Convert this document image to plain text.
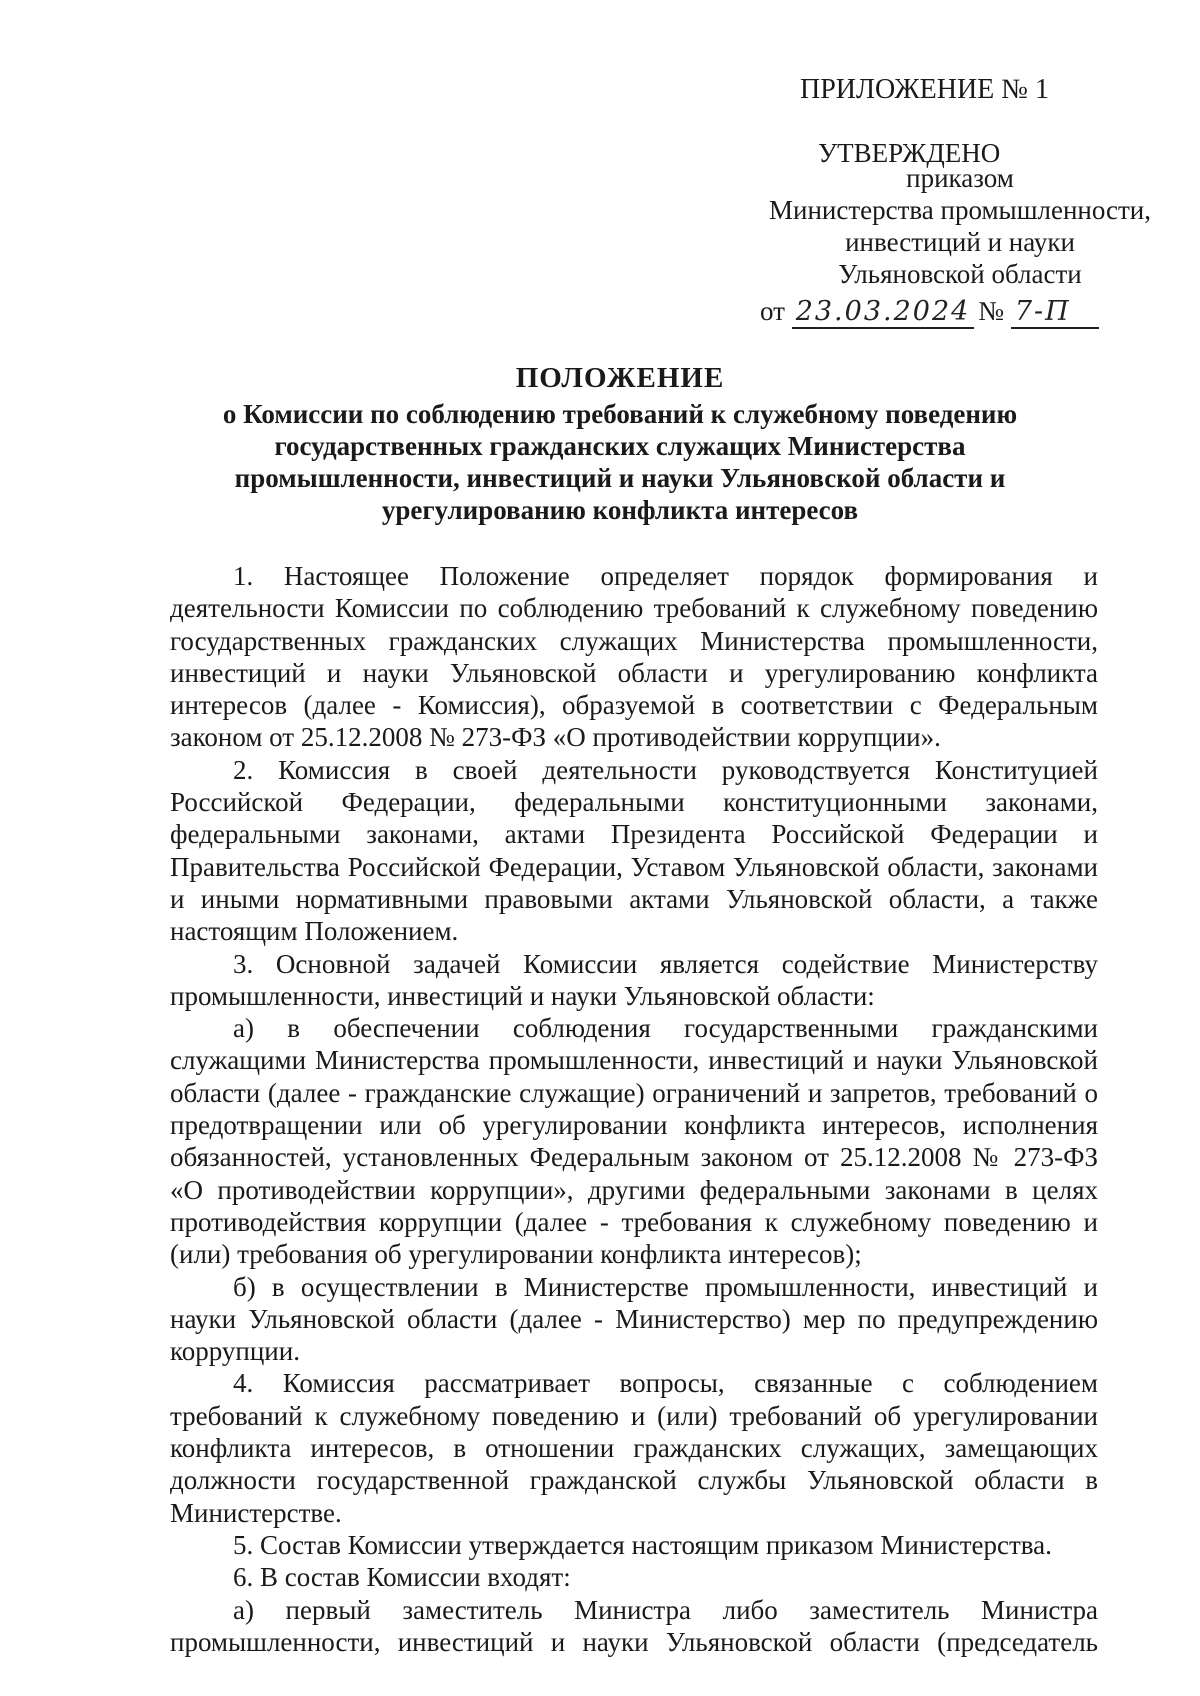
ПРИЛОЖЕНИЕ № 1
УТВЕРЖДЕНО
приказом
Министерства промышленности,
инвестиций и науки
Ульяновской области
от 23.03.2024 № 7-П
ПОЛОЖЕНИЕ
о Комиссии по соблюдению требований к служебному поведению государственных гражданских служащих Министерства промышленности, инвестиций и науки Ульяновской области и урегулированию конфликта интересов

1. Настоящее Положение определяет порядок формирования и деятельности Комиссии по соблюдению требований к служебному поведению государственных гражданских служащих Министерства промышленности, инвестиций и науки Ульяновской области и урегулированию конфликта интересов (далее - Комиссия), образуемой в соответствии с Федеральным законом от 25.12.2008 № 273-ФЗ «О противодействии коррупции».

2. Комиссия в своей деятельности руководствуется Конституцией Российской Федерации, федеральными конституционными законами, федеральными законами, актами Президента Российской Федерации и Правительства Российской Федерации, Уставом Ульяновской области, законами и иными нормативными правовыми актами Ульяновской области, а также настоящим Положением.

3. Основной задачей Комиссии является содействие Министерству промышленности, инвестиций и науки Ульяновской области:

а) в обеспечении соблюдения государственными гражданскими служащими Министерства промышленности, инвестиций и науки Ульяновской области (далее - гражданские служащие) ограничений и запретов, требований о предотвращении или об урегулировании конфликта интересов, исполнения обязанностей, установленных Федеральным законом от 25.12.2008 № 273-ФЗ «О противодействии коррупции», другими федеральными законами в целях противодействия коррупции (далее - требования к служебному поведению и (или) требования об урегулировании конфликта интересов);

б) в осуществлении в Министерстве промышленности, инвестиций и науки Ульяновской области (далее - Министерство) мер по предупреждению коррупции.

4. Комиссия рассматривает вопросы, связанные с соблюдением требований к служебному поведению и (или) требований об урегулировании конфликта интересов, в отношении гражданских служащих, замещающих должности государственной гражданской службы Ульяновской области в Министерстве.

5. Состав Комиссии утверждается настоящим приказом Министерства.

6. В состав Комиссии входят:

а) первый заместитель Министра либо заместитель Министра промышленности, инвестиций и науки Ульяновской области (председатель
